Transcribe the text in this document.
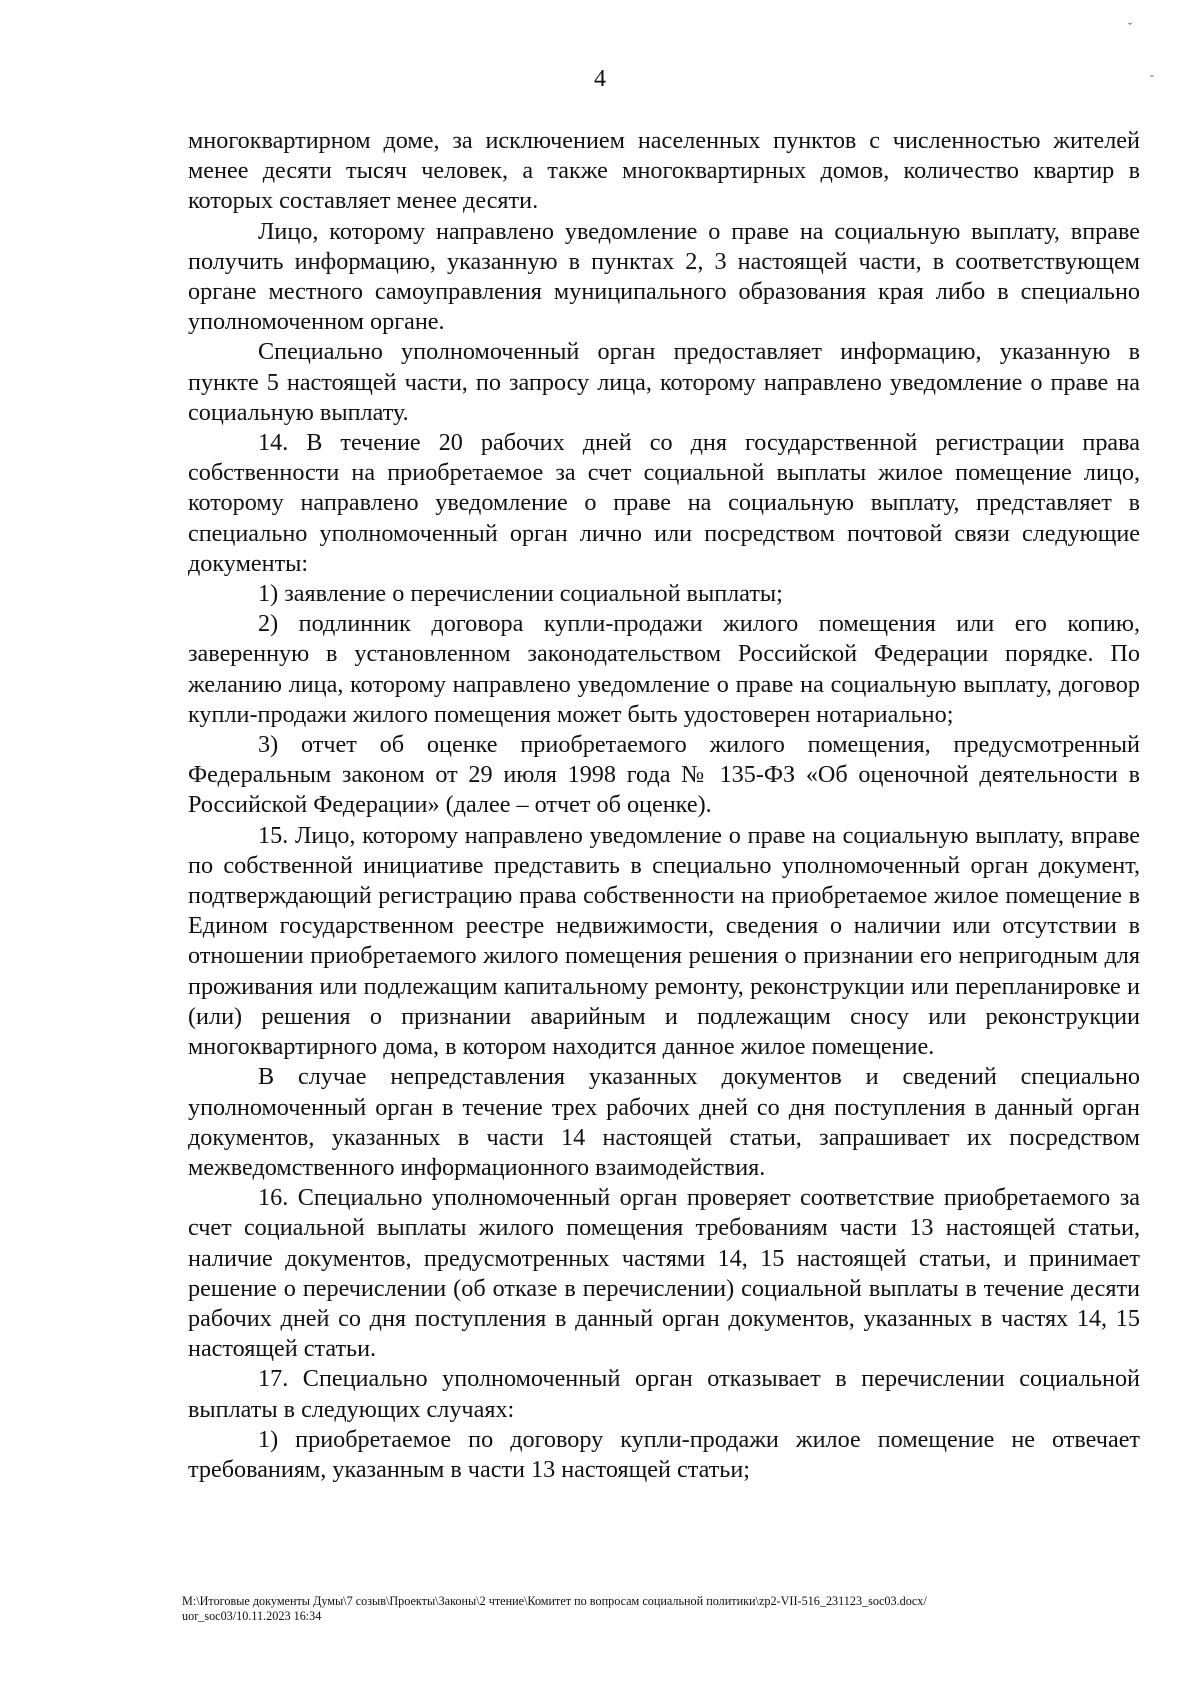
4
ˇ
˘

многоквартирном доме, за исключением населенных пунктов с численностью жителей менее десяти тысяч человек, а также многоквартирных домов, количество квартир в которых составляет менее десяти.

Лицо, которому направлено уведомление о праве на социальную выплату, вправе получить информацию, указанную в пунктах 2, 3 настоящей части, в соответствующем органе местного самоуправления муниципального образования края либо в специально уполномоченном органе.

Специально уполномоченный орган предоставляет информацию, указанную в пункте 5 настоящей части, по запросу лица, которому направлено уведомление о праве на социальную выплату.

14. В течение 20 рабочих дней со дня государственной регистрации права собственности на приобретаемое за счет социальной выплаты жилое помещение лицо, которому направлено уведомление о праве на социальную выплату, представляет в специально уполномоченный орган лично или посредством почтовой связи следующие документы:

1) заявление о перечислении социальной выплаты;

2) подлинник договора купли-продажи жилого помещения или его копию, заверенную в установленном законодательством Российской Федерации порядке. По желанию лица, которому направлено уведомление о праве на социальную выплату, договор купли-продажи жилого помещения может быть удостоверен нотариально;

3) отчет об оценке приобретаемого жилого помещения, предусмотренный Федеральным законом от 29 июля 1998 года № 135-ФЗ «Об оценочной деятельности в Российской Федерации» (далее – отчет об оценке).

15. Лицо, которому направлено уведомление о праве на социальную выплату, вправе по собственной инициативе представить в специально уполномоченный орган документ, подтверждающий регистрацию права собственности на приобретаемое жилое помещение в Едином государственном реестре недвижимости, сведения о наличии или отсутствии в отношении приобретаемого жилого помещения решения о признании его непригодным для проживания или подлежащим капитальному ремонту, реконструкции или перепланировке и (или) решения о признании аварийным и подлежащим сносу или реконструкции многоквартирного дома, в котором находится данное жилое помещение.

В случае непредставления указанных документов и сведений специально уполномоченный орган в течение трех рабочих дней со дня поступления в данный орган документов, указанных в части 14 настоящей статьи, запрашивает их посредством межведомственного информационного взаимодействия.

16. Специально уполномоченный орган проверяет соответствие приобретаемого за счет социальной выплаты жилого помещения требованиям части 13 настоящей статьи, наличие документов, предусмотренных частями 14, 15 настоящей статьи, и принимает решение о перечислении (об отказе в перечислении) социальной выплаты в течение десяти рабочих дней со дня поступления в данный орган документов, указанных в частях 14, 15 настоящей статьи.

17. Специально уполномоченный орган отказывает в перечислении социальной выплаты в следующих случаях:

1) приобретаемое по договору купли-продажи жилое помещение не отвечает требованиям, указанным в части 13 настоящей статьи;

M:\Итоговые документы Думы\7 созыв\Проекты\Законы\2 чтение\Комитет по вопросам социальной политики\zp2-VII-516_231123_soc03.docx/
uor_soc03/10.11.2023 16:34
